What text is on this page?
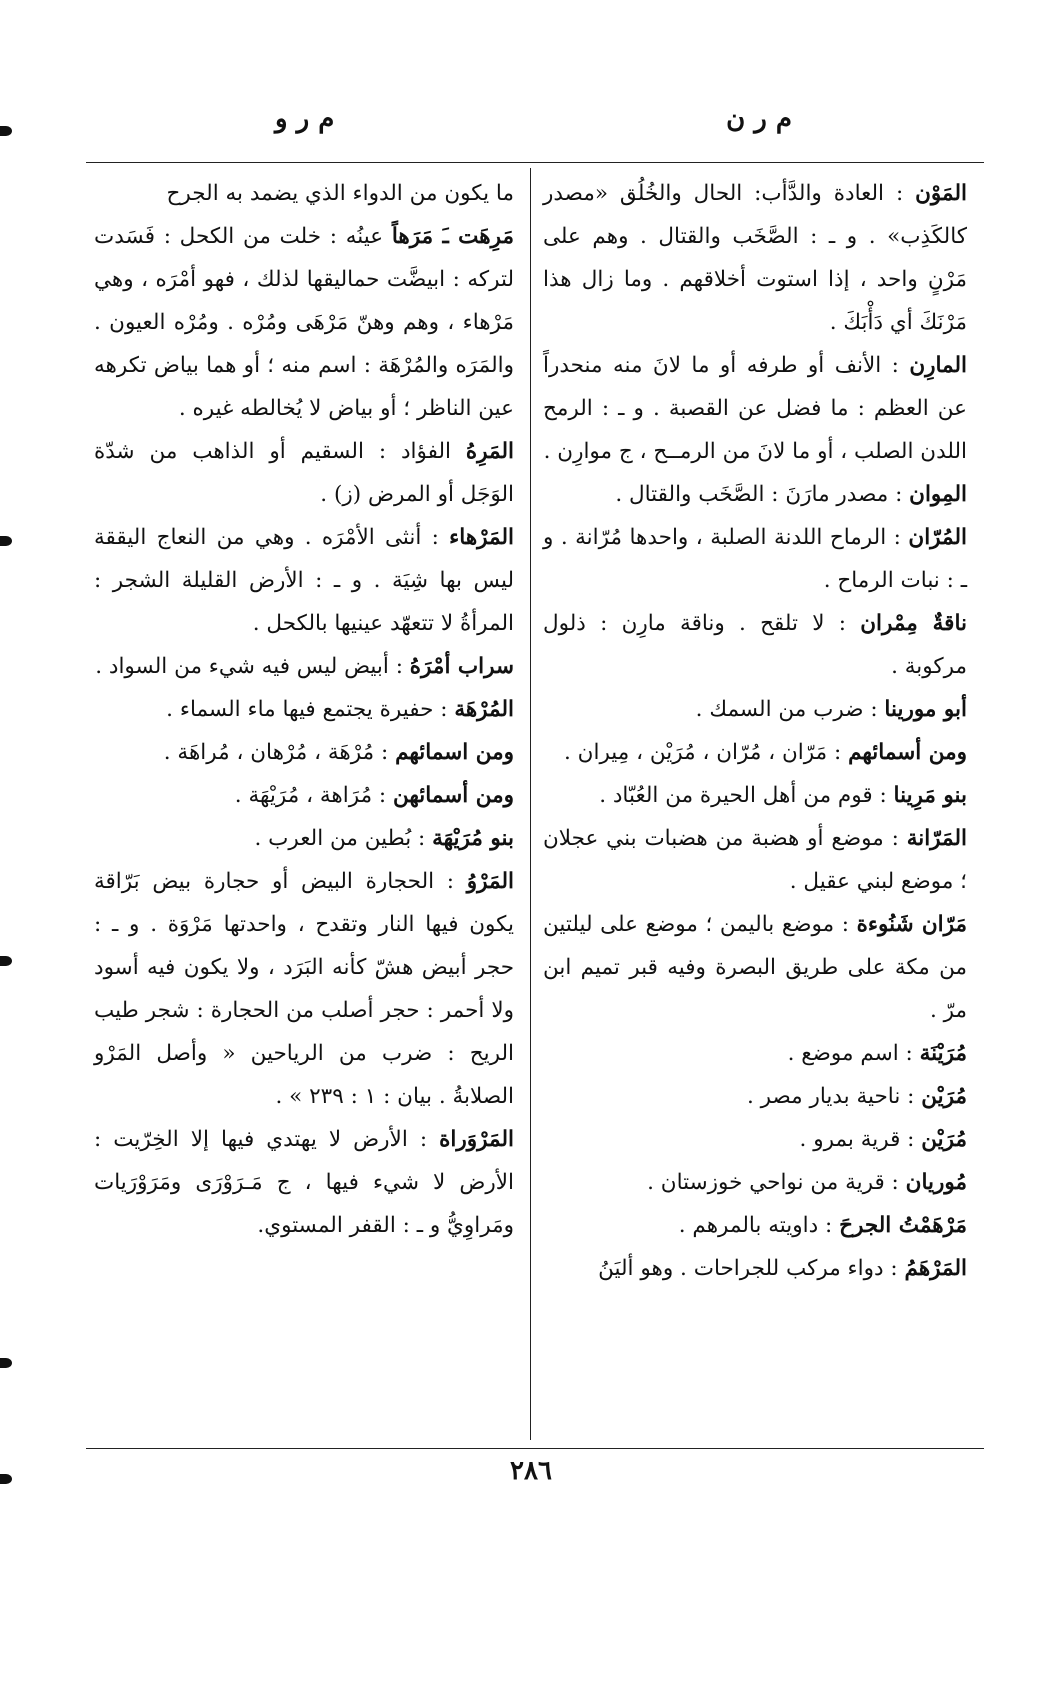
م ر ن
م ر و
المَوْن : العادة والدَّأب: الحال والخُلُق «مصدر كالكَذِب» . و ـ : الصَّخَب والقتال . وهم على مَرْنٍ واحد ، إذا استوت أخلاقهم . وما زال هذا مَرْنَكَ أي دَأْبَكَ .
المارِن : الأنف أو طرفه أو ما لانَ منه منحدراً عن العظم : ما فضل عن القصبة . و ـ : الرمح اللدن الصلب ، أو ما لانَ من الرمــح ، ج موارِن .
المِوان : مصدر مارَنَ : الصَّخَب والقتال .
المُرّان : الرماح اللدنة الصلبة ، واحدها مُرّانة . و ـ : نبات الرماح .
ناقةٌ مِمْران : لا تلقح . وناقة مارِن : ذلول مركوبة .
أبو مورينا : ضرب من السمك .
ومن أسمائهم : مَرّان ، مُرّان ، مُرَيْن ، مِيران .
بنو مَرِينا : قوم من أهل الحيرة من العُبّاد .
المَرّانة : موضع أو هضبة من هضبات بني عجلان ؛ موضع لبني عقيل .
مَرّان شَنُوءة : موضع باليمن ؛ موضع على ليلتين من مكة على طريق البصرة وفيه قبر تميم ابن مرّ .
مُرَيْنَة : اسم موضع .
مُرَيْن : ناحية بديار مصر .
مُرَيْن : قرية بمرو .
مُوريان : قرية من نواحي خوزستان .
مَرْهَمْتُ الجرحَ : داويته بالمرهم .
المَرْهَمُ : دواء مركب للجراحات . وهو أليَنُ
ما يكون من الدواء الذي يضمد به الجرح
مَرِهَت ـَ مَرَهاً عينُه : خلت من الكحل : فَسَدت لتركه : ابيضَّت حماليقها لذلك ، فهو أمْرَه ، وهي مَرْهاء ، وهم وهنّ مَرْهَى ومُرْه . ومُرْه العيون . والمَرَه والمُرْهَة : اسم منه ؛ أو هما بياض تكرهه عين الناظر ؛ أو بياض لا يُخالطه غيره .
المَرِهُ الفؤاد : السقيم أو الذاهب من شدّة الوَجَل أو المرض (ز) .
المَرْهاء : أنثى الأمْرَه . وهي من النعاج اليققة ليس بها شِيَة . و ـ : الأرض القليلة الشجر : المرأةُ لا تتعهّد عينيها بالكحل .
سراب أمْرَهُ : أبيض ليس فيه شيء من السواد .
المُرْهَة : حفيرة يجتمع فيها ماء السماء .
ومن اسمائهم : مُرْهَة ، مُرْهان ، مُراهَة .
ومن أسمائهن : مُرَاهة ، مُرَيْهَة .
بنو مُرَيْهَة : بُطين من العرب .
المَرْوُ : الحجارة البيض أو حجارة بيض بَرّاقة يكون فيها النار وتقدح ، واحدتها مَرْوَة . و ـ : حجر أبيض هشّ كأنه البَرَد ، ولا يكون فيه أسود ولا أحمر : حجر أصلب من الحجارة : شجر طيب الريح : ضرب من الرياحين « وأصل المَرْو الصلابةُ . بيان : ١ : ٢٣٩ » .
المَرْوَراة : الأرض لا يهتدي فيها إلا الخِرّيت : الأرض لا شيء فيها ، ج مَـرَوْرَى ومَرَوْرَيات ومَراوِيُّ و ـ : القفر المستوي.
٢٨٦
